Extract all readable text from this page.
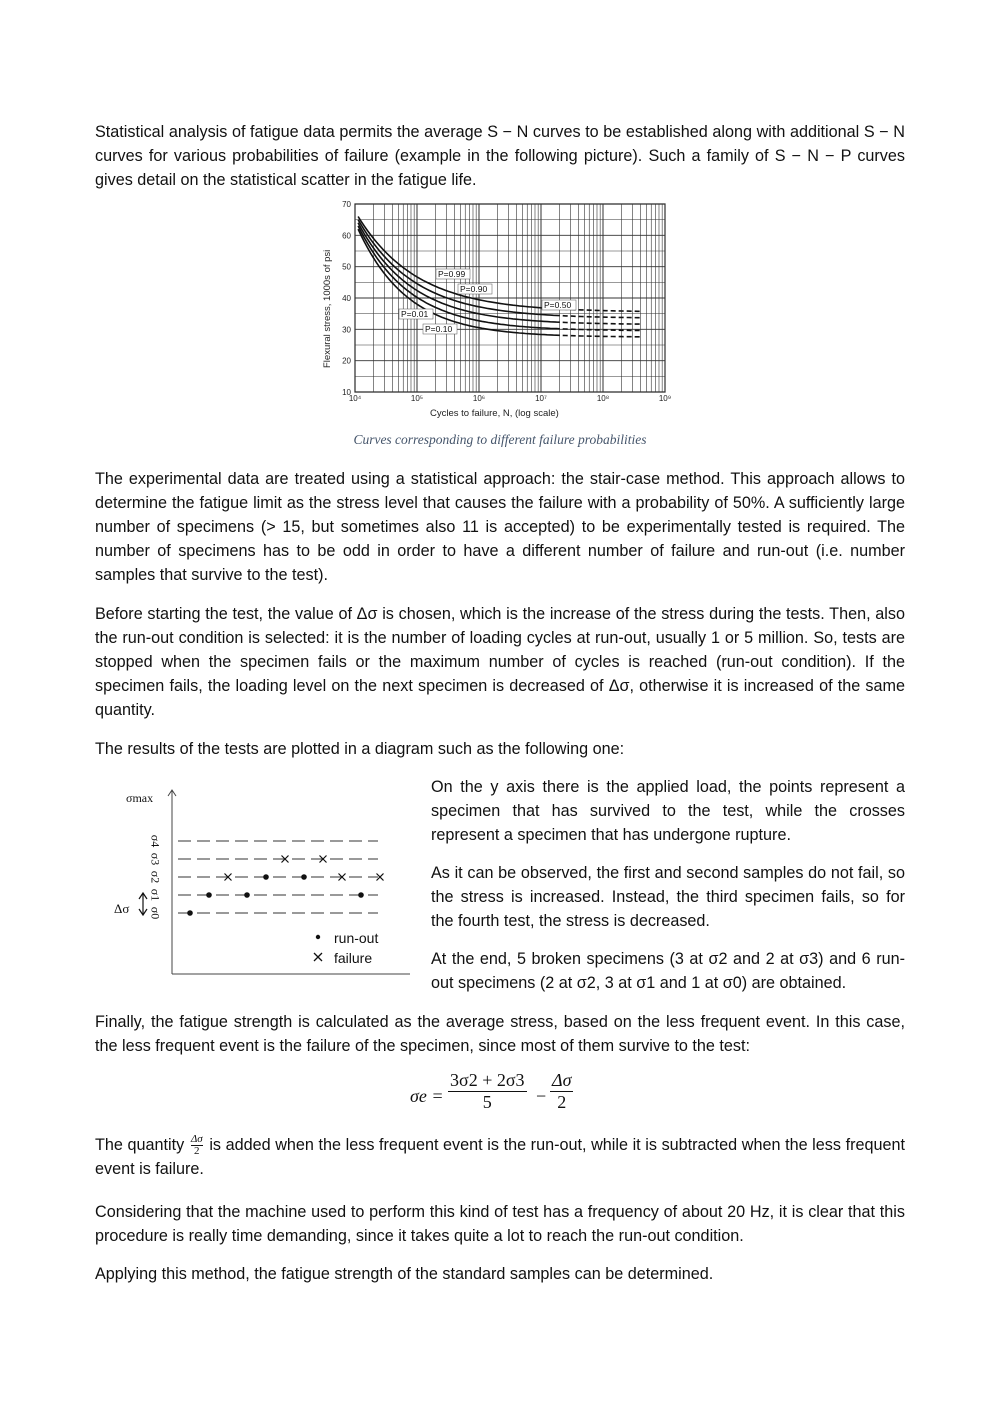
Statistical analysis of fatigue data permits the average S − N curves to be established along with additional S − N curves for various probabilities of failure (example in the following picture). Such a family of S − N − P curves gives detail on the statistical scatter in the fatigue life.

70
60
50
40
30
20
10
10⁴	10⁵	10⁶	10⁷	10⁸	10⁹
P=0.99
P=0.90
P=0.50
P=0.01
P=0.10
Flexural stress, 1000s of psi
Cycles to failure, N, (log scale)
Curves corresponding to different failure probabilities

The experimental data are treated using a statistical approach: the stair-case method. This approach allows to determine the fatigue limit as the stress level that causes the failure with a probability of 50%. A sufficiently large number of specimens (> 15, but sometimes also 11 is accepted) to be experimentally tested is required. The number of specimens has to be odd in order to have a different number of failure and run-out (i.e. number samples that survive to the test).

Before starting the test, the value of Δσ is chosen, which is the increase of the stress during the tests. Then, also the run-out condition is selected: it is the number of loading cycles at run-out, usually 1 or 5 million. So, tests are stopped when the specimen fails or the maximum number of cycles is reached (run-out condition). If the specimen fails, the loading level on the next specimen is decreased of Δσ, otherwise it is increased of the same quantity.

The results of the tests are plotted in a diagram such as the following one:

σ0
σ1
σ2
σ3
σ4
σmax
Δσ
run-out
failure

On the y axis there is the applied load, the points represent a specimen that has survived to the test, while the crosses represent a specimen that has undergone rupture.

As it can be observed, the first and second samples do not fail, so the stress is increased. Instead, the third specimen fails, so for the fourth test, the stress is decreased.

At the end, 5 broken specimens (3 at σ2 and 2 at σ3) and 6 run-out specimens (2 at σ2, 3 at σ1 and 1 at σ0) are obtained.

Finally, the fatigue strength is calculated as the average stress, based on the less frequent event. In this case, the less frequent event is the failure of the specimen, since most of them survive to the test:

$\sigma e = \frac{3\sigma 2 + 2\sigma 3}{5} - \frac{\Delta\sigma}{2}$

The quantity $\frac{\Delta\sigma}{2}$ is added when the less frequent event is the run-out, while it is subtracted when the less frequent event is failure.

Considering that the machine used to perform this kind of test has a frequency of about 20 Hz, it is clear that this procedure is really time demanding, since it takes quite a lot to reach the run-out condition.

Applying this method, the fatigue strength of the standard samples can be determined.
